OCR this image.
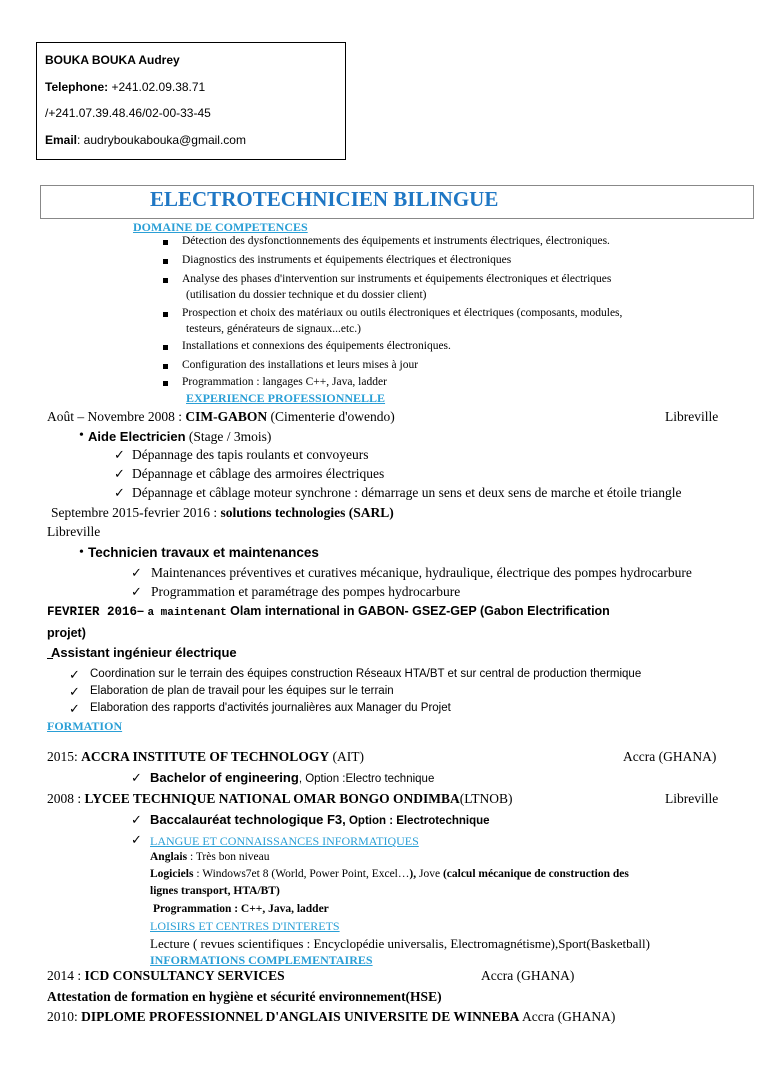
BOUKA BOUKA Audrey
Telephone: +241.02.09.38.71
/+241.07.39.48.46/02-00-33-45
Email: audryboukabouka@gmail.com
ELECTROTECHNICIEN BILINGUE
DOMAINE DE COMPETENCES
Détection des dysfonctionnements des équipements et instruments électriques, électroniques.
Diagnostics des instruments et équipements électriques et électroniques
Analyse des phases d'intervention sur instruments et équipements électroniques et électriques
(utilisation du dossier technique et du dossier client)
Prospection et choix des matériaux ou outils électroniques et électriques (composants, modules,
testeurs, générateurs de signaux...etc.)
Installations et connexions des équipements électroniques.
Configuration des installations et leurs mises à jour
Programmation : langages C++, Java, ladder
EXPERIENCE PROFESSIONNELLE
Août – Novembre 2008 : CIM-GABON (Cimenterie d'owendo)	Libreville
• Aide Electricien (Stage / 3mois)
✓ Dépannage des tapis roulants et convoyeurs
✓ Dépannage et câblage des armoires électriques
✓ Dépannage et câblage moteur synchrone : démarrage un sens et deux sens de marche et étoile triangle
Septembre 2015-fevrier 2016 : solutions technologies (SARL)
Libreville
• Technicien travaux et maintenances
✓ Maintenances préventives et curatives mécanique, hydraulique, électrique des pompes hydrocarbure
✓ Programmation et paramétrage des pompes hydrocarbure
FEVRIER 2016– a maintenant Olam international in GABON- GSEZ-GEP (Gabon Electrification
projet)
Assistant ingénieur électrique
✓ Coordination sur le terrain des équipes construction Réseaux HTA/BT et sur central de production thermique
✓ Elaboration de plan de travail pour les équipes sur le terrain
✓ Elaboration des rapports d'activités journalières aux Manager du Projet
FORMATION
2015: ACCRA INSTITUTE OF TECHNOLOGY (AIT)	Accra (GHANA)
✓ Bachelor of engineering, Option :Electro technique
2008 : LYCEE TECHNIQUE NATIONAL OMAR BONGO ONDIMBA(LTNOB)	Libreville
✓ Baccalauréat technologique F3, Option : Electrotechnique
✓ LANGUE ET CONNAISSANCES INFORMATIQUES
Anglais : Très bon niveau
Logiciels : Windows7et 8 (World, Power Point, Excel…), Jove (calcul mécanique de construction des
lignes transport, HTA/BT)
Programmation : C++, Java, ladder
LOISIRS ET CENTRES D'INTERETS
Lecture ( revues scientifiques : Encyclopédie universalis, Electromagnétisme),Sport(Basketball)
INFORMATIONS COMPLEMENTAIRES
2014 : ICD CONSULTANCY SERVICES	Accra (GHANA)
Attestation de formation en hygiène et sécurité environnement(HSE)
2010: DIPLOME PROFESSIONNEL D'ANGLAIS UNIVERSITE DE WINNEBA Accra (GHANA)
